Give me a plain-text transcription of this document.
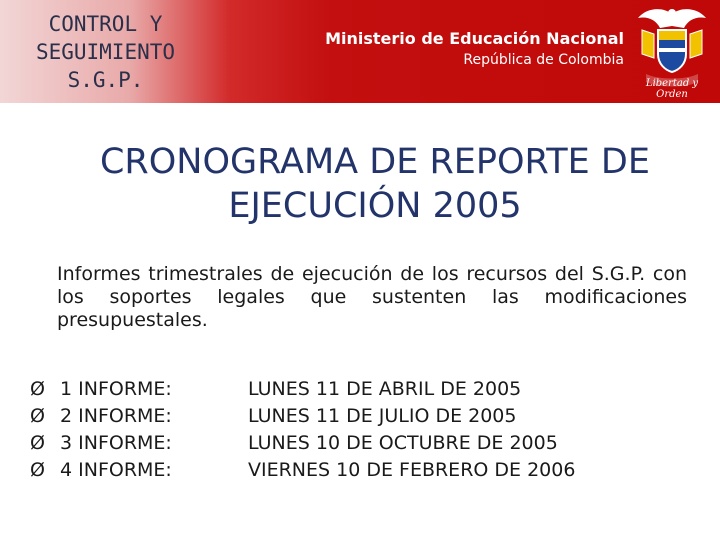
CONTROL Y
SEGUIMIENTO
S.G.P.
Ministerio de Educación Nacional
República de Colombia
Libertad y Orden
CRONOGRAMA DE REPORTE DE
EJECUCIÓN 2005

Informes trimestrales de ejecución de los recursos del S.G.P. con los soportes legales que sustenten las modificaciones presupuestales.

Ø 1 INFORME:	LUNES 11 DE ABRIL DE 2005
Ø 2 INFORME:	LUNES 11 DE JULIO DE 2005
Ø 3 INFORME:	LUNES 10 DE OCTUBRE DE 2005
Ø 4 INFORME:	VIERNES 10 DE FEBRERO DE 2006
